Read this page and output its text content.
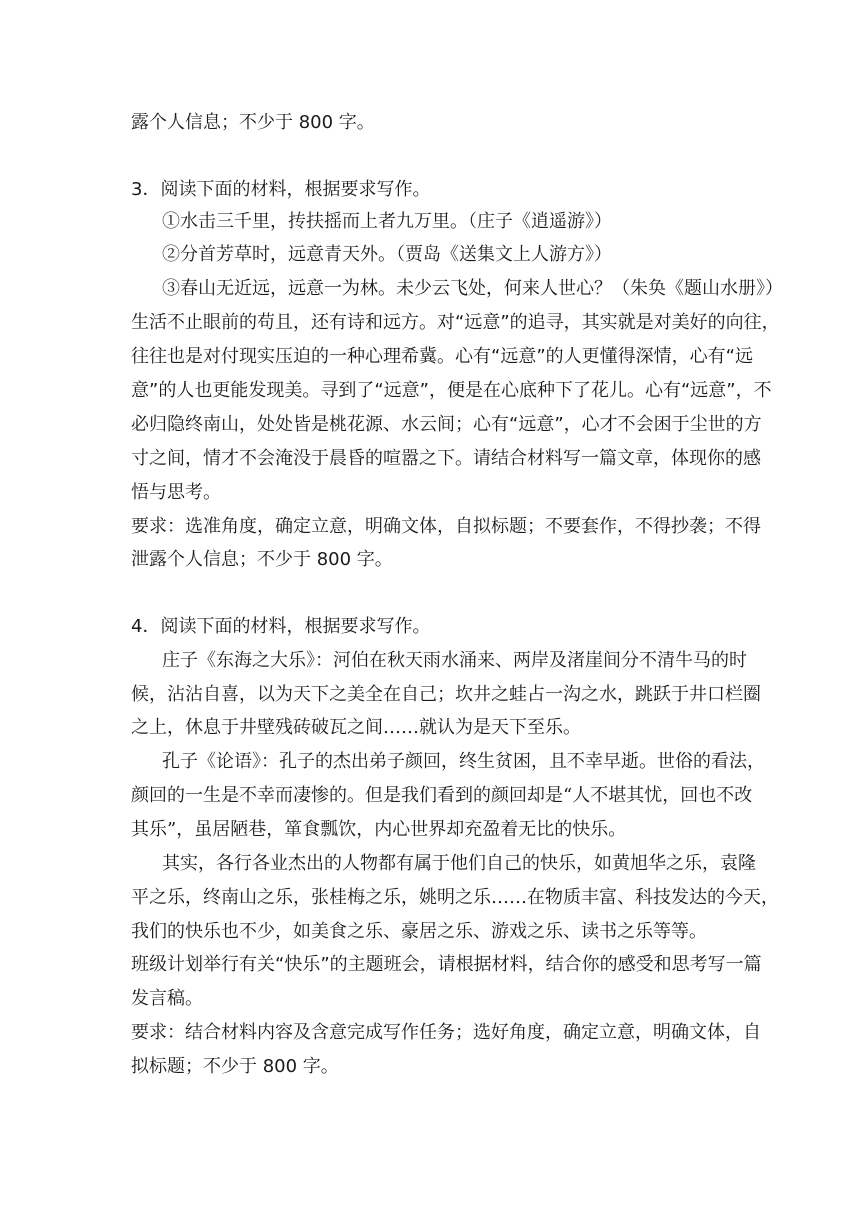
露个人信息；不少于 800 字。
3．阅读下面的材料，根据要求写作。
①水击三千里，抟扶摇而上者九万里。（庄子《逍遥游》）
②分首芳草时，远意青天外。（贾岛《送集文上人游方》）
③春山无近远，远意一为林。未少云飞处，何来人世心？（朱奂《题山水册》）
生活不止眼前的苟且，还有诗和远方。对“远意”的追寻，其实就是对美好的向往，
往往也是对付现实压迫的一种心理希冀。心有“远意”的人更懂得深情，心有“远
意”的人也更能发现美。寻到了“远意”，便是在心底种下了花儿。心有“远意”，不
必归隐终南山，处处皆是桃花源、水云间；心有“远意”，心才不会困于尘世的方
寸之间，情才不会淹没于晨昏的喧嚣之下。请结合材料写一篇文章，体现你的感
悟与思考。
要求：选准角度，确定立意，明确文体，自拟标题；不要套作，不得抄袭；不得
泄露个人信息；不少于 800 字。
4．阅读下面的材料，根据要求写作。
庄子《东海之大乐》：河伯在秋天雨水涌来、两岸及渚崖间分不清牛马的时
候，沾沾自喜，以为天下之美全在自己；坎井之蛙占一沟之水，跳跃于井口栏圈
之上，休息于井壁残砖破瓦之间……就认为是天下至乐。
孔子《论语》：孔子的杰出弟子颜回，终生贫困，且不幸早逝。世俗的看法，
颜回的一生是不幸而凄惨的。但是我们看到的颜回却是“人不堪其忧，回也不改
其乐”，虽居陋巷，箪食瓢饮，内心世界却充盈着无比的快乐。
其实，各行各业杰出的人物都有属于他们自己的快乐，如黄旭华之乐，袁隆
平之乐，终南山之乐，张桂梅之乐，姚明之乐……在物质丰富、科技发达的今天，
我们的快乐也不少，如美食之乐、豪居之乐、游戏之乐、读书之乐等等。
班级计划举行有关“快乐”的主题班会，请根据材料，结合你的感受和思考写一篇
发言稿。
要求：结合材料内容及含意完成写作任务；选好角度，确定立意，明确文体，自
拟标题；不少于 800 字。
